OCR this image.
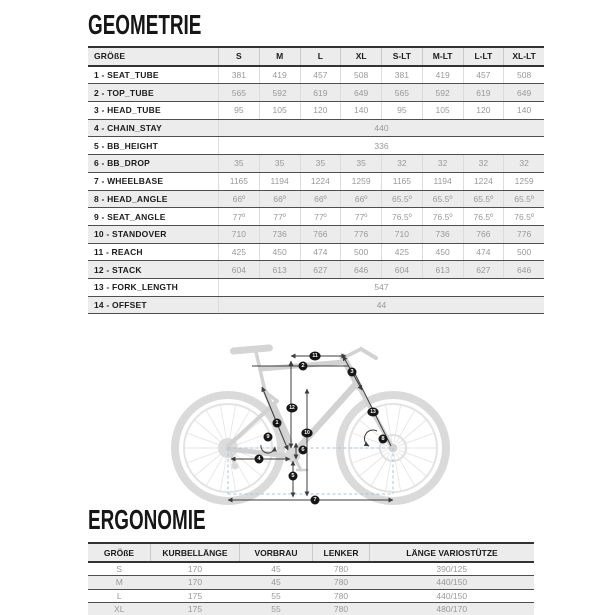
GEOMETRIE
GRÖßE	S	M	L	XL	S-LT	M-LT	L-LT	XL-LT
1 - SEAT_TUBE	381	419	457	508	381	419	457	508
2 - TOP_TUBE	565	592	619	649	565	592	619	649
3 - HEAD_TUBE	95	105	120	140	95	105	120	140
4 - CHAIN_STAY	440							
5 - BB_HEIGHT	336							
6 - BB_DROP	35	35	35	35	32	32	32	32
7 - WHEELBASE	1165	1194	1224	1259	1165	1194	1224	1259
8 - HEAD_ANGLE	66º	66º	66º	66º	65.5º	65.5º	65.5º	65.5º
9 - SEAT_ANGLE	77º	77º	77º	77º	76.5º	76.5º	76.5º	76.5º
10 - STANDOVER	710	736	766	776	710	736	766	776
11 - REACH	425	450	474	500	425	450	474	500
12 - STACK	604	613	627	646	604	613	627	646
13 - FORK_LENGTH	547							
14 - OFFSET	44							
1
2
3
4
5
6
7
8
9
10
11
12
13
ERGONOMIE
GRÖßE	KURBELLÄNGE	VORBRAU	LENKER	LÄNGE VARIOSTÜTZE
S	170	45	780	390/125
M	170	45	780	440/150
L	175	55	780	440/150
XL	175	55	780	480/170
